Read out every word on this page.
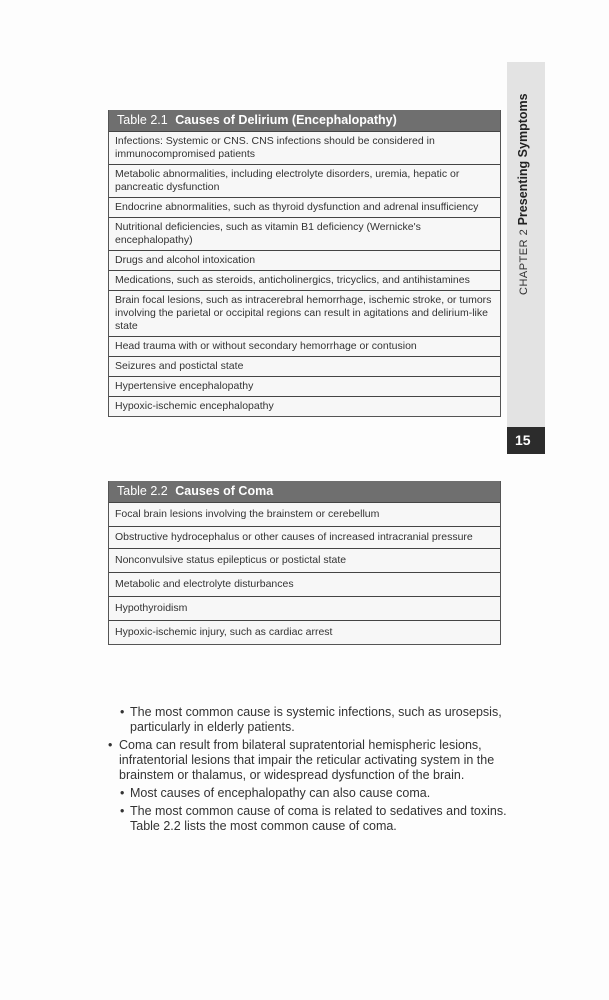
CHAPTER 2 Presenting Symptoms
15
Table 2.1 Causes of Delirium (Encephalopathy)
Infections: Systemic or CNS. CNS infections should be considered in immunocompromised patients
Metabolic abnormalities, including electrolyte disorders, uremia, hepatic or pancreatic dysfunction
Endocrine abnormalities, such as thyroid dysfunction and adrenal insufficiency
Nutritional deficiencies, such as vitamin B1 deficiency (Wernicke's encephalopathy)
Drugs and alcohol intoxication
Medications, such as steroids, anticholinergics, tricyclics, and antihistamines
Brain focal lesions, such as intracerebral hemorrhage, ischemic stroke, or tumors involving the parietal or occipital regions can result in agitations and delirium-like state
Head trauma with or without secondary hemorrhage or contusion
Seizures and postictal state
Hypertensive encephalopathy
Hypoxic-ischemic encephalopathy
Table 2.2 Causes of Coma
Focal brain lesions involving the brainstem or cerebellum
Obstructive hydrocephalus or other causes of increased intracranial pressure
Nonconvulsive status epilepticus or postictal state
Metabolic and electrolyte disturbances
Hypothyroidism
Hypoxic-ischemic injury, such as cardiac arrest
• The most common cause is systemic infections, such as urosepsis, particularly in elderly patients.
• Coma can result from bilateral supratentorial hemispheric lesions, infratentorial lesions that impair the reticular activating system in the brainstem or thalamus, or widespread dysfunction of the brain.
• Most causes of encephalopathy can also cause coma.
• The most common cause of coma is related to sedatives and toxins. Table 2.2 lists the most common cause of coma.
